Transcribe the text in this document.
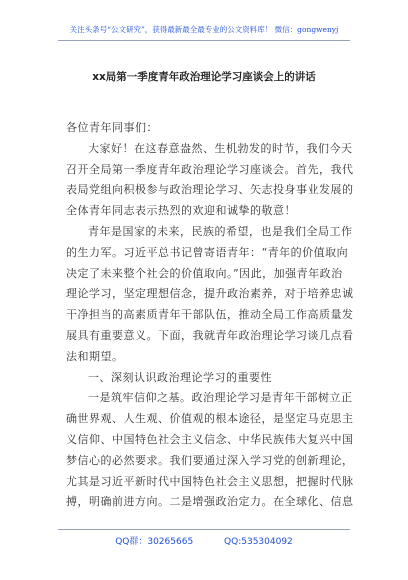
关注头条号“公文研究”，获得最新最全最专业的公文资料库！ 微信：gongwenyj
xx局第一季度青年政治理论学习座谈会上的讲话
各位青年同事们：
大家好！在这春意盎然、生机勃发的时节，我们今天
召开全局第一季度青年政治理论学习座谈会。首先，我代
表局党组向积极参与政治理论学习、矢志投身事业发展的
全体青年同志表示热烈的欢迎和诚挚的敬意！
青年是国家的未来，民族的希望，也是我们全局工作
的生力军。习近平总书记曾寄语青年：“青年的价值取向
决定了未来整个社会的价值取向。”因此，加强青年政治
理论学习，坚定理想信念，提升政治素养，对于培养忠诚
干净担当的高素质青年干部队伍，推动全局工作高质量发
展具有重要意义。下面，我就青年政治理论学习谈几点看
法和期望。
一、深刻认识政治理论学习的重要性
一是筑牢信仰之基。政治理论学习是青年干部树立正
确世界观、人生观、价值观的根本途径，是坚定马克思主
义信仰、中国特色社会主义信念、中华民族伟大复兴中国
梦信心的必然要求。我们要通过深入学习党的创新理论，
尤其是习近平新时代中国特色社会主义思想，把握时代脉
搏，明确前进方向。二是增强政治定力。在全球化、信息
QQ群：30265665	QQ:535304092
